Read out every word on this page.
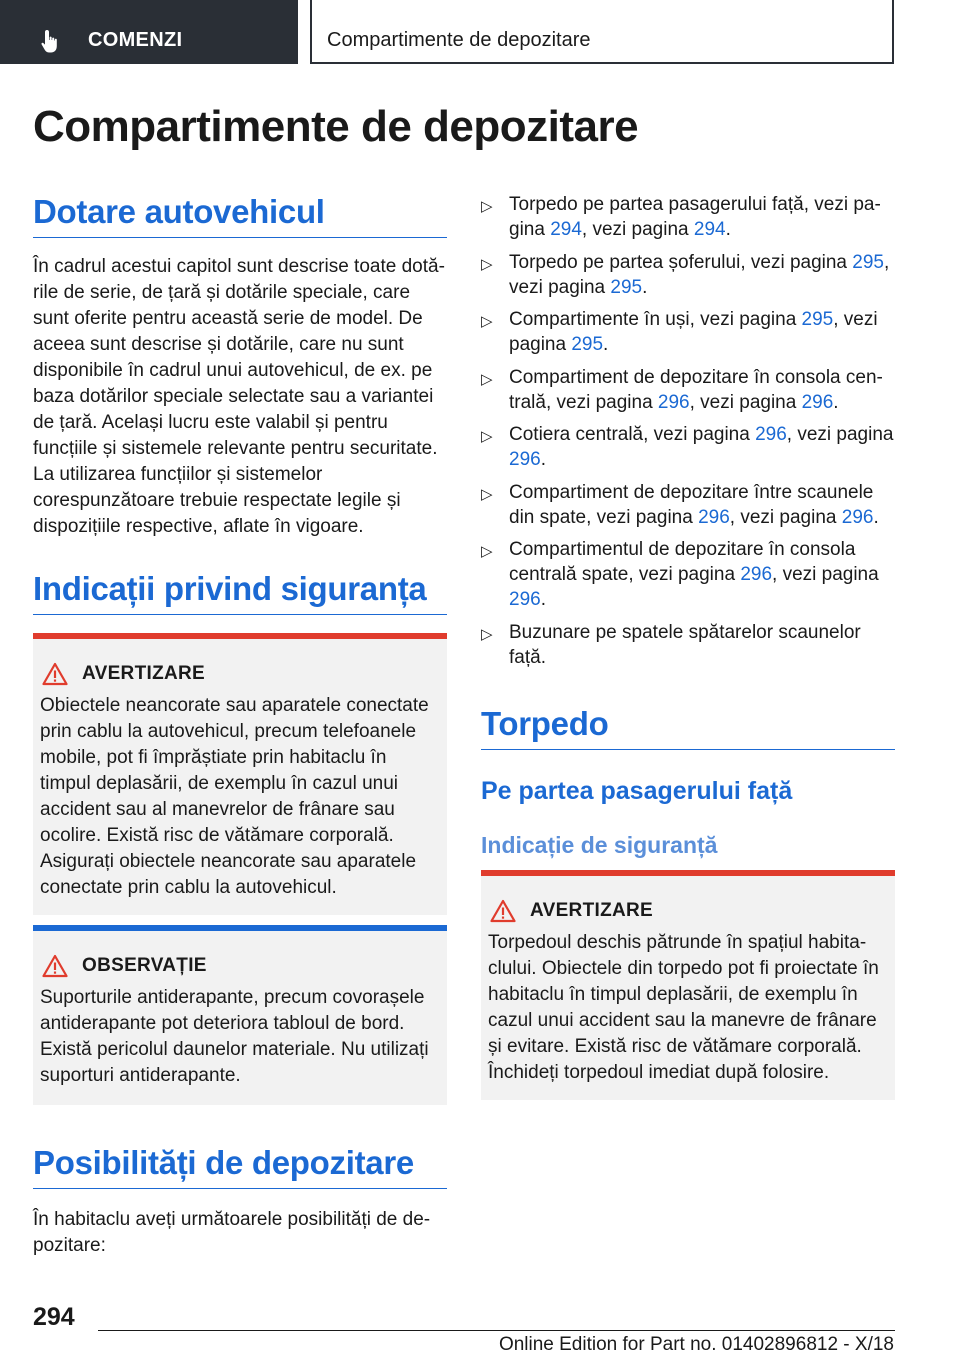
COMENZI	Compartimente de depozitare
Compartimente de depozitare
Dotare autovehicul

În cadrul acestui capitol sunt descrise toate dotările de serie, de țară și dotările speciale, care sunt oferite pentru această serie de model. De aceea sunt descrise și dotările, care nu sunt disponibile în cadrul unui autovehicul, de ex. pe baza dotărilor speciale selectate sau a variantei de țară. Același lucru este valabil și pentru funcțiile și sistemele relevante pentru securitate. La utilizarea funcțiilor și sistemelor corespunzătoare trebuie respectate legile și dispozițiile respective, aflate în vigoare.

Indicații privind siguranța
AVERTIZARE
Obiectele neancorate sau aparatele conectate prin cablu la autovehicul, precum telefoanele mobile, pot fi împrăștiate prin habitaclu în timpul deplasării, de exemplu în cazul unui accident sau al manevrelor de frânare sau ocolire. Există risc de vătămare corporală. Asigurați obiectele neancorate sau aparatele conectate prin cablu la autovehicul.
OBSERVAȚIE
Suporturile antiderapante, precum covorașele antiderapante pot deteriora tabloul de bord. Există pericolul daunelor materiale. Nu utilizați suporturi antiderapante.
Posibilități de depozitare

În habitaclu aveți următoarele posibilități de depozitare:

▷ Torpedo pe partea pasagerului față, vezi pagina 294, vezi pagina 294.
▷ Torpedo pe partea șoferului, vezi pagina 295, vezi pagina 295.
▷ Compartimente în uși, vezi pagina 295, vezi pagina 295.
▷ Compartiment de depozitare în consola centrală, vezi pagina 296, vezi pagina 296.
▷ Cotiera centrală, vezi pagina 296, vezi pagina 296.
▷ Compartiment de depozitare între scaunele din spate, vezi pagina 296, vezi pagina 296.
▷ Compartimentul de depozitare în consola centrală spate, vezi pagina 296, vezi pagina 296.
▷ Buzunare pe spatele spătarelor scaunelor față.
Torpedo
Pe partea pasagerului față
Indicație de siguranță
AVERTIZARE
Torpedoul deschis pătrunde în spațiul habitaclului. Obiectele din torpedo pot fi proiectate în habitaclu în timpul deplasării, de exemplu în cazul unui accident sau la manevre de frânare și evitare. Există risc de vătămare corporală. Închideți torpedoul imediat după folosire.
294
Online Edition for Part no. 01402896812 - X/18
